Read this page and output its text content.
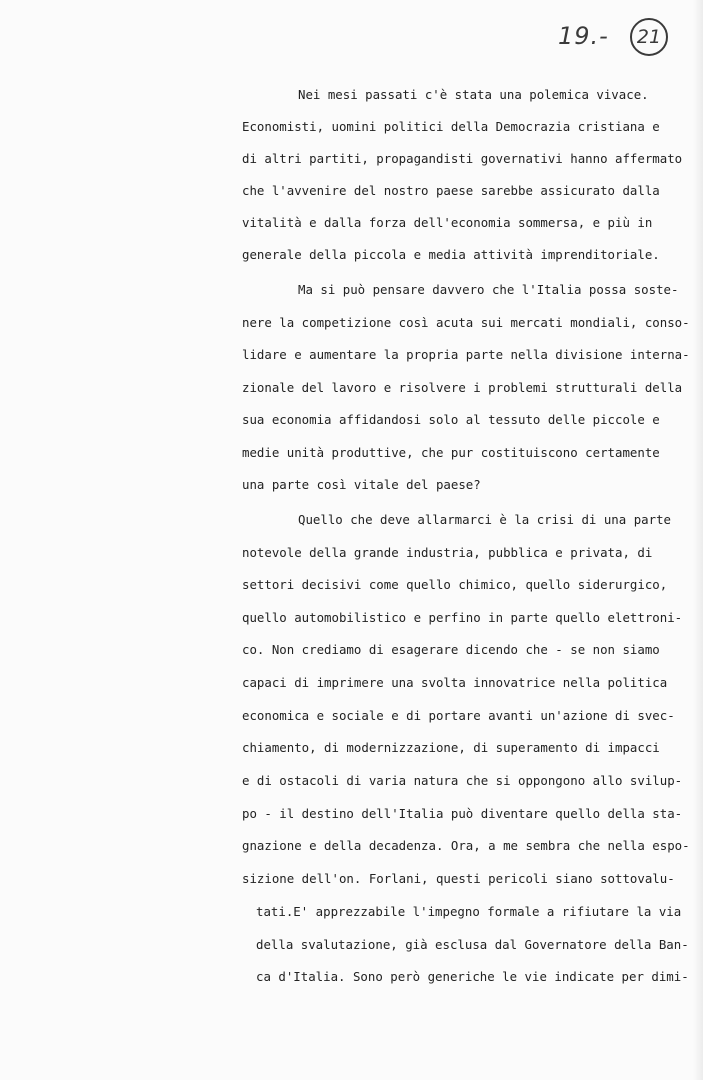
19.-	21

Nei mesi passati c'è stata una polemica vivace.

Economisti, uomini politici della Democrazia cristiana e

di altri partiti, propagandisti governativi hanno affermato

che l'avvenire del nostro paese sarebbe assicurato dalla

vitalità e dalla forza dell'economia sommersa, e più in

generale della piccola e media attività imprenditoriale.

Ma si può pensare davvero che l'Italia possa soste-

nere la competizione così acuta sui mercati mondiali, conso-

lidare e aumentare la propria parte nella divisione interna-

zionale del lavoro e risolvere i problemi strutturali della

sua economia affidandosi solo al tessuto delle piccole e

medie unità produttive, che pur costituiscono certamente

una parte così vitale del paese?

Quello che deve allarmarci è la crisi di una parte

notevole della grande industria, pubblica e privata, di

settori decisivi come quello chimico, quello siderurgico,

quello automobilistico e perfino in parte quello elettroni-

co. Non crediamo di esagerare dicendo che - se non siamo

capaci di imprimere una svolta innovatrice nella politica

economica e sociale e di portare avanti un'azione di svec-

chiamento, di modernizzazione, di superamento di impacci

e di ostacoli di varia natura che si oppongono allo svilup-

po - il destino dell'Italia può diventare quello della sta-

gnazione e della decadenza. Ora, a me sembra che nella espo-

sizione dell'on. Forlani, questi pericoli siano sottovalu-

tati.E' apprezzabile l'impegno formale a rifiutare la via

della svalutazione, già esclusa dal Governatore della Ban-

ca d'Italia. Sono però generiche le vie indicate per dimi-
